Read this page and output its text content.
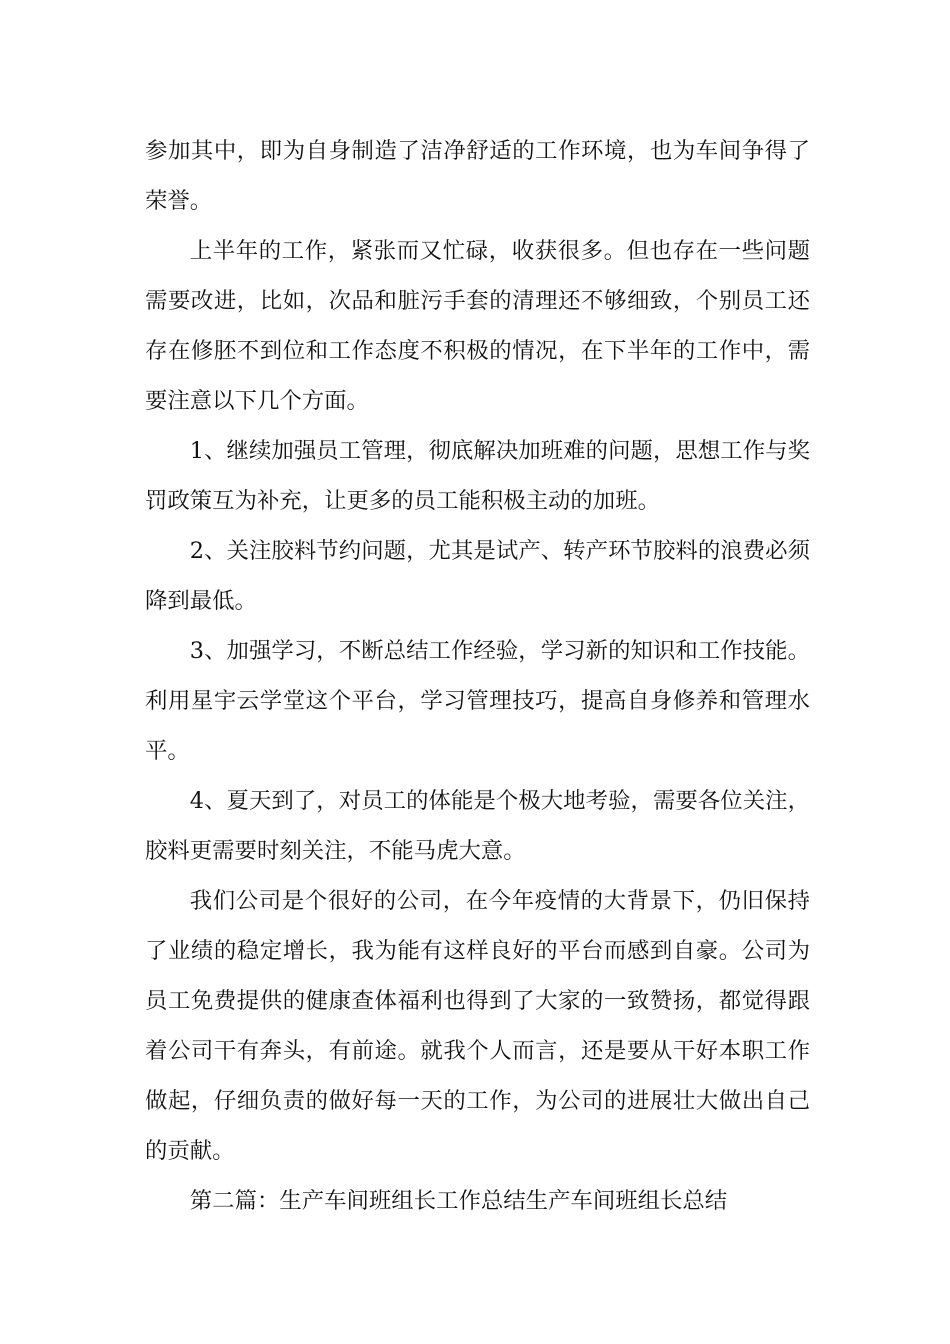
参加其中，即为自身制造了洁净舒适的工作环境，也为车间争得了荣誉。

上半年的工作，紧张而又忙碌，收获很多。但也存在一些问题需要改进，比如，次品和脏污手套的清理还不够细致，个别员工还存在修胚不到位和工作态度不积极的情况，在下半年的工作中，需要注意以下几个方面。

1、继续加强员工管理，彻底解决加班难的问题，思想工作与奖罚政策互为补充，让更多的员工能积极主动的加班。

2、关注胶料节约问题，尤其是试产、转产环节胶料的浪费必须降到最低。

3、加强学习，不断总结工作经验，学习新的知识和工作技能。利用星宇云学堂这个平台，学习管理技巧，提高自身修养和管理水平。

4、夏天到了，对员工的体能是个极大地考验，需要各位关注，胶料更需要时刻关注，不能马虎大意。

我们公司是个很好的公司，在今年疫情的大背景下，仍旧保持了业绩的稳定增长，我为能有这样良好的平台而感到自豪。公司为员工免费提供的健康查体福利也得到了大家的一致赞扬，都觉得跟着公司干有奔头，有前途。就我个人而言，还是要从干好本职工作做起，仔细负责的做好每一天的工作，为公司的进展壮大做出自己的贡献。

第二篇：生产车间班组长工作总结生产车间班组长总结
